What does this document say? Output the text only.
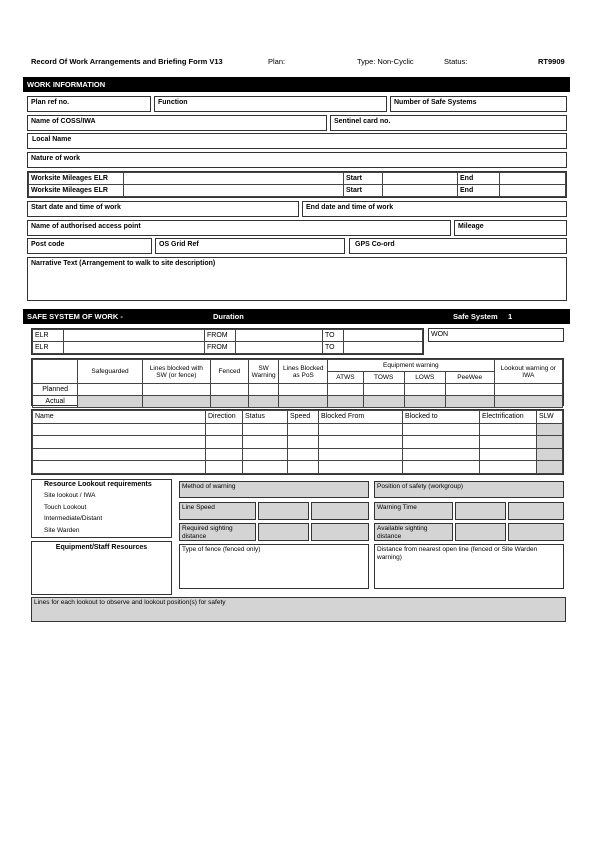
Record Of Work Arrangements and Briefing Form V13	Plan:	Type: Non-Cyclic	Status:	RT9909
WORK INFORMATION
Plan ref no.	Function	Number of Safe Systems
Name of COSS/IWA	Sentinel card no.
Local Name
Nature of work
Worksite Mileages ELR		Start		End	
Worksite Mileages ELR		Start		End	
Start date and time of work	End date and time of work
Name of authorised access point	Mileage
Post code	OS Grid Ref	GPS Co-ord
Narrative Text (Arrangement to walk to site description)
SAFE SYSTEM OF WORK -	Duration	Safe System 1
ELR		FROM		TO	
ELR		FROM		TO	
WON
	Safeguarded	Lines blocked with SW (or fence)	Fenced	SW Warning	Lines Blocked as PoS	Equipment warning				Lookout warning or IWA
						ATWS	TOWS	LOWS	PeeWee	
Planned										
Actual										
Name	Direction	Status	Speed	Blocked From	Blocked to	Electrification	SLW

Resource Lookout requirements
Site lookout / IWA
Touch Lookout
Intermediate/Distant
Site Warden
Equipment/Staff Resources
Method of warning
Line Speed
Required sighting distance
Type of fence (fenced only)
Position of safety (workgroup)
Warning Time
Available sighting distance
Distance from nearest open line (fenced or Site Warden warning)
Lines for each lookout to observe and lookout position(s) for safety
